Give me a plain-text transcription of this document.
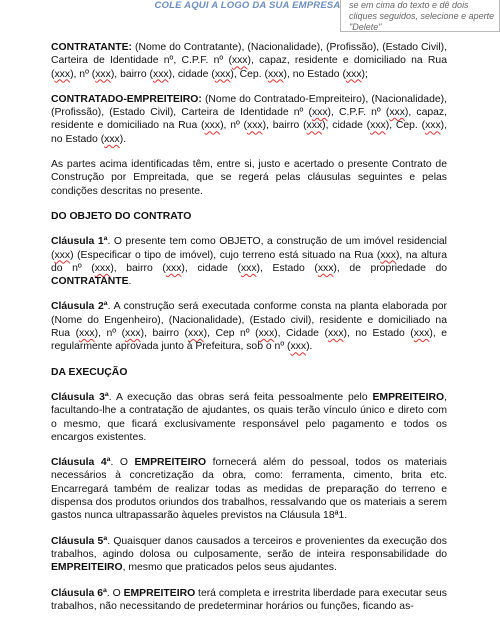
COLE AQUI A LOGO DA SUA EMPRESA se em cima do texto e dê dois cliques seguidos, selecione e aperte "Delete"

CONTRATANTE: (Nome do Contratante), (Nacionalidade), (Profissão), (Estado Civil), Carteira de Identidade nº, C.P.F. nº (xxx), capaz, residente e domiciliado na Rua (xxx), nº (xxx), bairro (xxx), cidade (xxx), Cep. (xxx), no Estado (xxx);

CONTRATADO-EMPREITEIRO: (Nome do Contratado-Empreiteiro), (Nacionalidade), (Profissão), (Estado Civil), Carteira de Identidade nº (xxx), C.P.F. nº (xxx), capaz, residente e domiciliado na Rua (xxx), nº (xxx), bairro (xxx), cidade (xxx), Cep. (xxx), no Estado (xxx).

As partes acima identificadas têm, entre si, justo e acertado o presente Contrato de Construção por Empreitada, que se regerá pelas cláusulas seguintes e pelas condições descritas no presente.

DO OBJETO DO CONTRATO

Cláusula 1ª. O presente tem como OBJETO, a construção de um imóvel residencial (xxx) (Especificar o tipo de imóvel), cujo terreno está situado na Rua (xxx), na altura do nº (xxx), bairro (xxx), cidade (xxx), Estado (xxx), de propriedade do CONTRATANTE.

Cláusula 2ª. A construção será executada conforme consta na planta elaborada por (Nome do Engenheiro), (Nacionalidade), (Estado civil), residente e domiciliado na Rua (xxx), nº (xxx), bairro (xxx), Cep nº (xxx), Cidade (xxx), no Estado (xxx), e regularmente aprovada junto à Prefeitura, sob o nº (xxx).

DA EXECUÇÃO

Cláusula 3ª. A execução das obras será feita pessoalmente pelo EMPREITEIRO, facultando-lhe a contratação de ajudantes, os quais terão vínculo único e direto com o mesmo, que ficará exclusivamente responsável pelo pagamento e todos os encargos existentes.

Cláusula 4ª. O EMPREITEIRO fornecerá além do pessoal, todos os materiais necessários à concretização da obra, como: ferramenta, cimento, brita etc. Encarregará também de realizar todas as medidas de preparação do terreno e dispensa dos produtos oriundos dos trabalhos, ressalvando que os materiais a serem gastos nunca ultrapassarão àqueles previstos na Cláusula 18ª1.

Cláusula 5ª. Quaisquer danos causados a terceiros e provenientes da execução dos trabalhos, agindo dolosa ou culposamente, serão de inteira responsabilidade do EMPREITEIRO, mesmo que praticados pelos seus ajudantes.

Cláusula 6ª. O EMPREITEIRO terá completa e irrestrita liberdade para executar seus trabalhos, não necessitando de predeterminar horários ou funções, ficando as-
